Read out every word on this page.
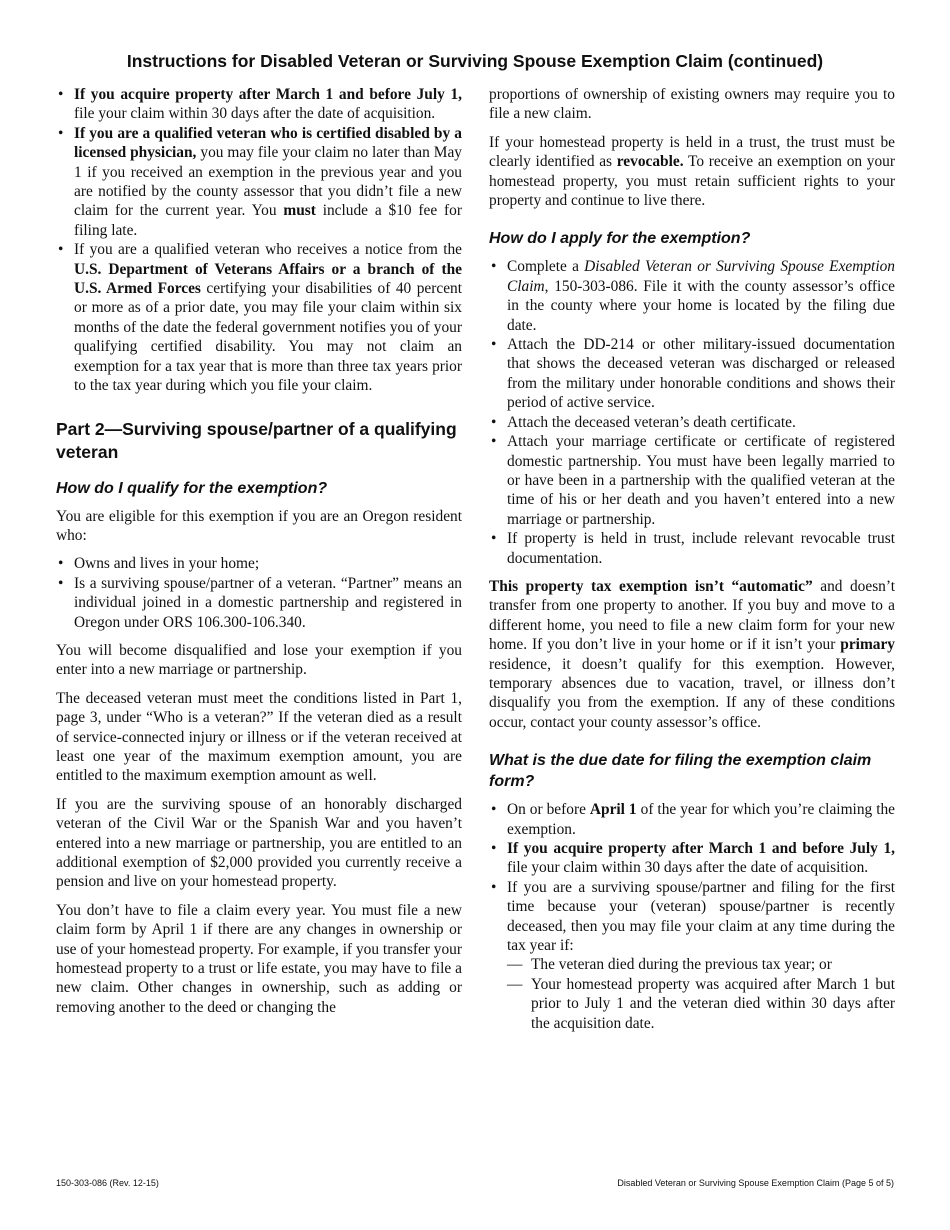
Instructions for Disabled Veteran or Surviving Spouse Exemption Claim (continued)
• If you acquire property after March 1 and before July 1, file your claim within 30 days after the date of acquisition.
• If you are a qualified veteran who is certified disabled by a licensed physician, you may file your claim no later than May 1 if you received an exemption in the previous year and you are notified by the county assessor that you didn’t file a new claim for the current year. You must include a $10 fee for filing late.
• If you are a qualified veteran who receives a notice from the U.S. Department of Veterans Affairs or a branch of the U.S. Armed Forces certifying your disabilities of 40 percent or more as of a prior date, you may file your claim within six months of the date the federal government notifies you of your qualifying certified disability. You may not claim an exemption for a tax year that is more than three tax years prior to the tax year during which you file your claim.
Part 2—Surviving spouse/partner of a qualifying veteran
How do I qualify for the exemption?

You are eligible for this exemption if you are an Oregon resident who:

• Owns and lives in your home;
• Is a surviving spouse/partner of a veteran. “Partner” means an individual joined in a domestic partnership and registered in Oregon under ORS 106.300-106.340.

You will become disqualified and lose your exemption if you enter into a new marriage or partnership.

The deceased veteran must meet the conditions listed in Part 1, page 3, under “Who is a veteran?” If the veteran died as a result of service-connected injury or illness or if the veteran received at least one year of the maximum exemption amount, you are entitled to the maximum exemption amount as well.

If you are the surviving spouse of an honorably discharged veteran of the Civil War or the Spanish War and you haven’t entered into a new marriage or partnership, you are entitled to an additional exemption of $2,000 provided you currently receive a pension and live on your homestead property.

You don’t have to file a claim every year. You must file a new claim form by April 1 if there are any changes in ownership or use of your homestead property. For example, if you transfer your homestead property to a trust or life estate, you may have to file a new claim. Other changes in ownership, such as adding or removing another to the deed or changing the

proportions of ownership of existing owners may require you to file a new claim.

If your homestead property is held in a trust, the trust must be clearly identified as revocable. To receive an exemption on your homestead property, you must retain sufficient rights to your property and continue to live there.

How do I apply for the exemption?
• Complete a Disabled Veteran or Surviving Spouse Exemption Claim, 150-303-086. File it with the county assessor’s office in the county where your home is located by the filing due date.
• Attach the DD-214 or other military-issued documentation that shows the deceased veteran was discharged or released from the military under honorable conditions and shows their period of active service.
• Attach the deceased veteran’s death certificate.
• Attach your marriage certificate or certificate of registered domestic partnership. You must have been legally married to or have been in a partnership with the qualified veteran at the time of his or her death and you haven’t entered into a new marriage or partnership.
• If property is held in trust, include relevant revocable trust documentation.

This property tax exemption isn’t “automatic” and doesn’t transfer from one property to another. If you buy and move to a different home, you need to file a new claim form for your new home. If you don’t live in your home or if it isn’t your primary residence, it doesn’t qualify for this exemption. However, temporary absences due to vacation, travel, or illness don’t disqualify you from the exemption. If any of these conditions occur, contact your county assessor’s office.

What is the due date for filing the exemption claim form?
• On or before April 1 of the year for which you’re claiming the exemption.
• If you acquire property after March 1 and before July 1, file your claim within 30 days after the date of acquisition.
• If you are a surviving spouse/partner and filing for the first time because your (veteran) spouse/partner is recently deceased, then you may file your claim at any time during the tax year if:
— The veteran died during the previous tax year; or
— Your homestead property was acquired after March 1 but prior to July 1 and the veteran died within 30 days after the acquisition date.
150-303-086 (Rev. 12-15)	Disabled Veteran or Surviving Spouse Exemption Claim (Page 5 of 5)
